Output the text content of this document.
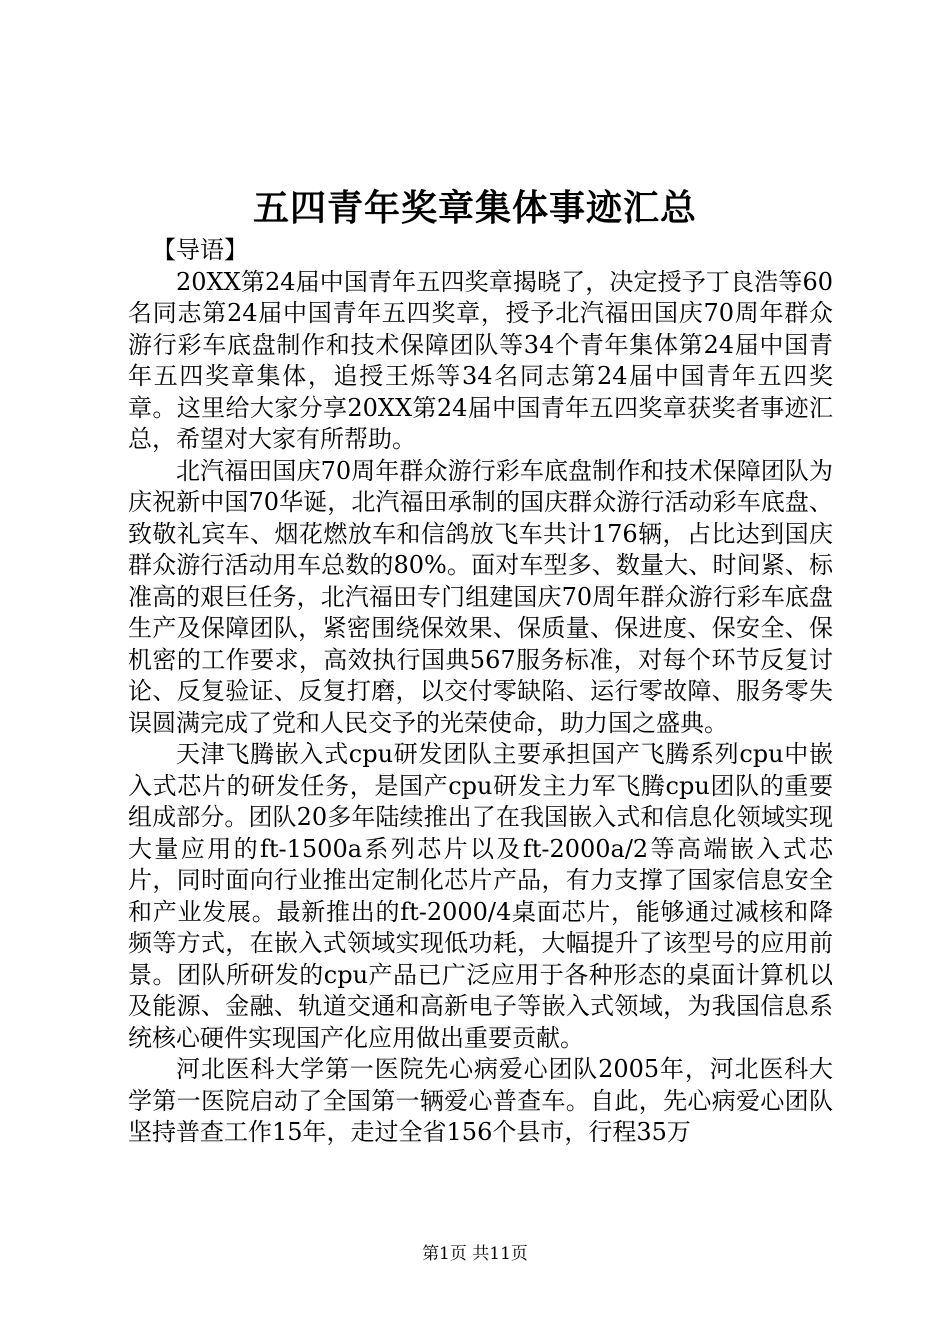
五四青年奖章集体事迹汇总

【导语】

20XX第24届中国青年五四奖章揭晓了，决定授予丁良浩等60名同志第24届中国青年五四奖章，授予北汽福田国庆70周年群众游行彩车底盘制作和技术保障团队等34个青年集体第24届中国青年五四奖章集体，追授王烁等34名同志第24届中国青年五四奖章。这里给大家分享20XX第24届中国青年五四奖章获奖者事迹汇总，希望对大家有所帮助。

北汽福田国庆70周年群众游行彩车底盘制作和技术保障团队为庆祝新中国70华诞，北汽福田承制的国庆群众游行活动彩车底盘、致敬礼宾车、烟花燃放车和信鸽放飞车共计176辆，占比达到国庆群众游行活动用车总数的80%。面对车型多、数量大、时间紧、标准高的艰巨任务，北汽福田专门组建国庆70周年群众游行彩车底盘生产及保障团队，紧密围绕保效果、保质量、保进度、保安全、保机密的工作要求，高效执行国典567服务标准，对每个环节反复讨论、反复验证、反复打磨，以交付零缺陷、运行零故障、服务零失误圆满完成了党和人民交予的光荣使命，助力国之盛典。

天津飞腾嵌入式cpu研发团队主要承担国产飞腾系列cpu中嵌入式芯片的研发任务，是国产cpu研发主力军飞腾cpu团队的重要组成部分。团队20多年陆续推出了在我国嵌入式和信息化领域实现大量应用的ft-1500a系列芯片以及ft-2000a/2等高端嵌入式芯片，同时面向行业推出定制化芯片产品，有力支撑了国家信息安全和产业发展。最新推出的ft-2000/4桌面芯片，能够通过减核和降频等方式，在嵌入式领域实现低功耗，大幅提升了该型号的应用前景。团队所研发的cpu产品已广泛应用于各种形态的桌面计算机以及能源、金融、轨道交通和高新电子等嵌入式领域，为我国信息系统核心硬件实现国产化应用做出重要贡献。

河北医科大学第一医院先心病爱心团队2005年，河北医科大学第一医院启动了全国第一辆爱心普查车。自此，先心病爱心团队坚持普查工作15年，走过全省156个县市，行程35万

第1页 共11页
